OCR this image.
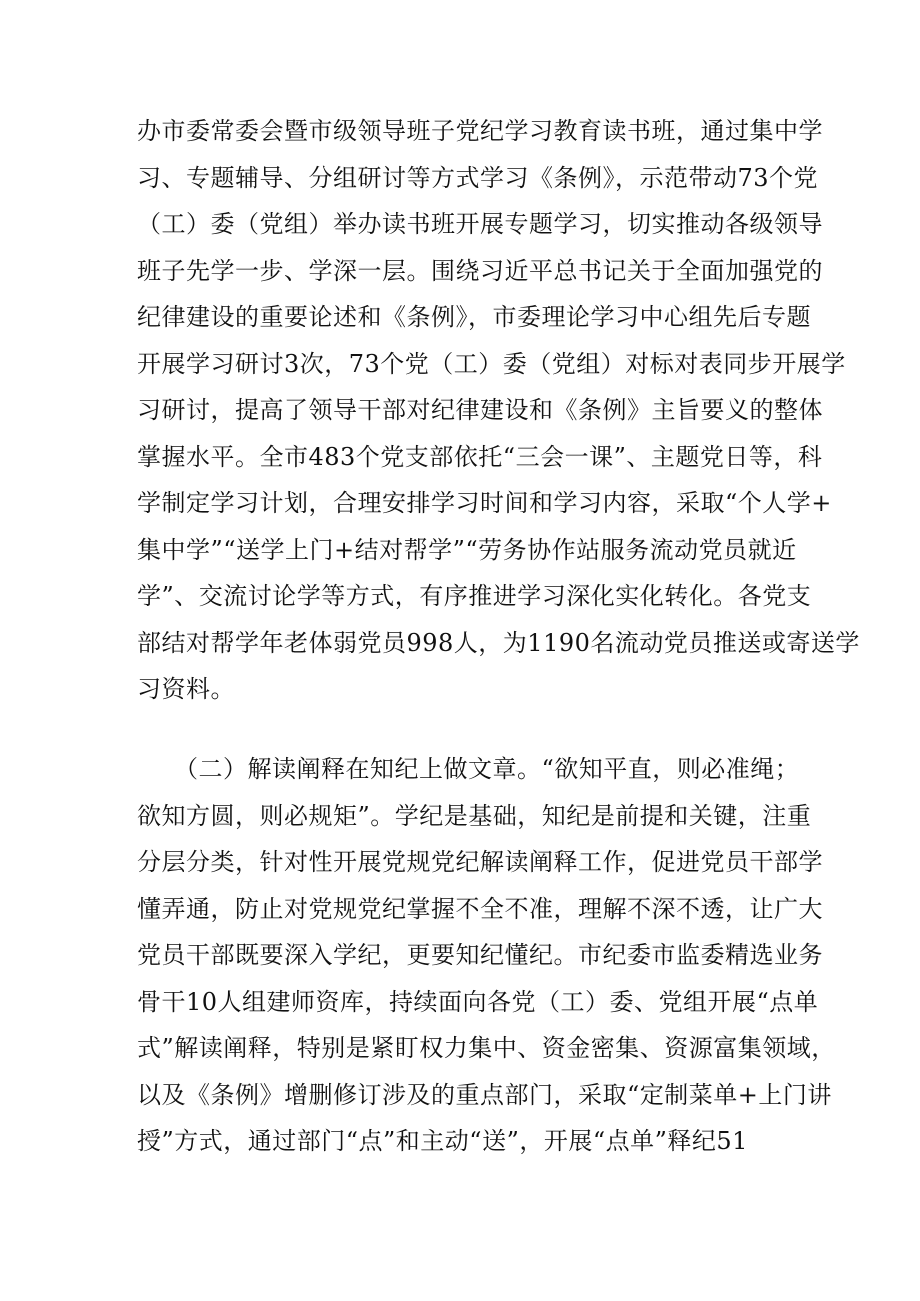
办市委常委会暨市级领导班子党纪学习教育读书班，通过集中学
习、专题辅导、分组研讨等方式学习《条例》，示范带动73个党
（工）委（党组）举办读书班开展专题学习，切实推动各级领导
班子先学一步、学深一层。围绕习近平总书记关于全面加强党的
纪律建设的重要论述和《条例》，市委理论学习中心组先后专题
开展学习研讨3次，73个党（工）委（党组）对标对表同步开展学
习研讨，提高了领导干部对纪律建设和《条例》主旨要义的整体
掌握水平。全市483个党支部依托“三会一课”、主题党日等，科
学制定学习计划，合理安排学习时间和学习内容，采取“个人学+
集中学”“送学上门+结对帮学”“劳务协作站服务流动党员就近
学”、交流讨论学等方式，有序推进学习深化实化转化。各党支
部结对帮学年老体弱党员998人，为1190名流动党员推送或寄送学
习资料。
　　（二）解读阐释在知纪上做文章。“欲知平直，则必准绳；
欲知方圆，则必规矩”。学纪是基础，知纪是前提和关键，注重
分层分类，针对性开展党规党纪解读阐释工作，促进党员干部学
懂弄通，防止对党规党纪掌握不全不准，理解不深不透，让广大
党员干部既要深入学纪，更要知纪懂纪。市纪委市监委精选业务
骨干10人组建师资库，持续面向各党（工）委、党组开展“点单
式”解读阐释，特别是紧盯权力集中、资金密集、资源富集领域，
以及《条例》增删修订涉及的重点部门，采取“定制菜单+上门讲
授”方式，通过部门“点”和主动“送”，开展“点单”释纪51
